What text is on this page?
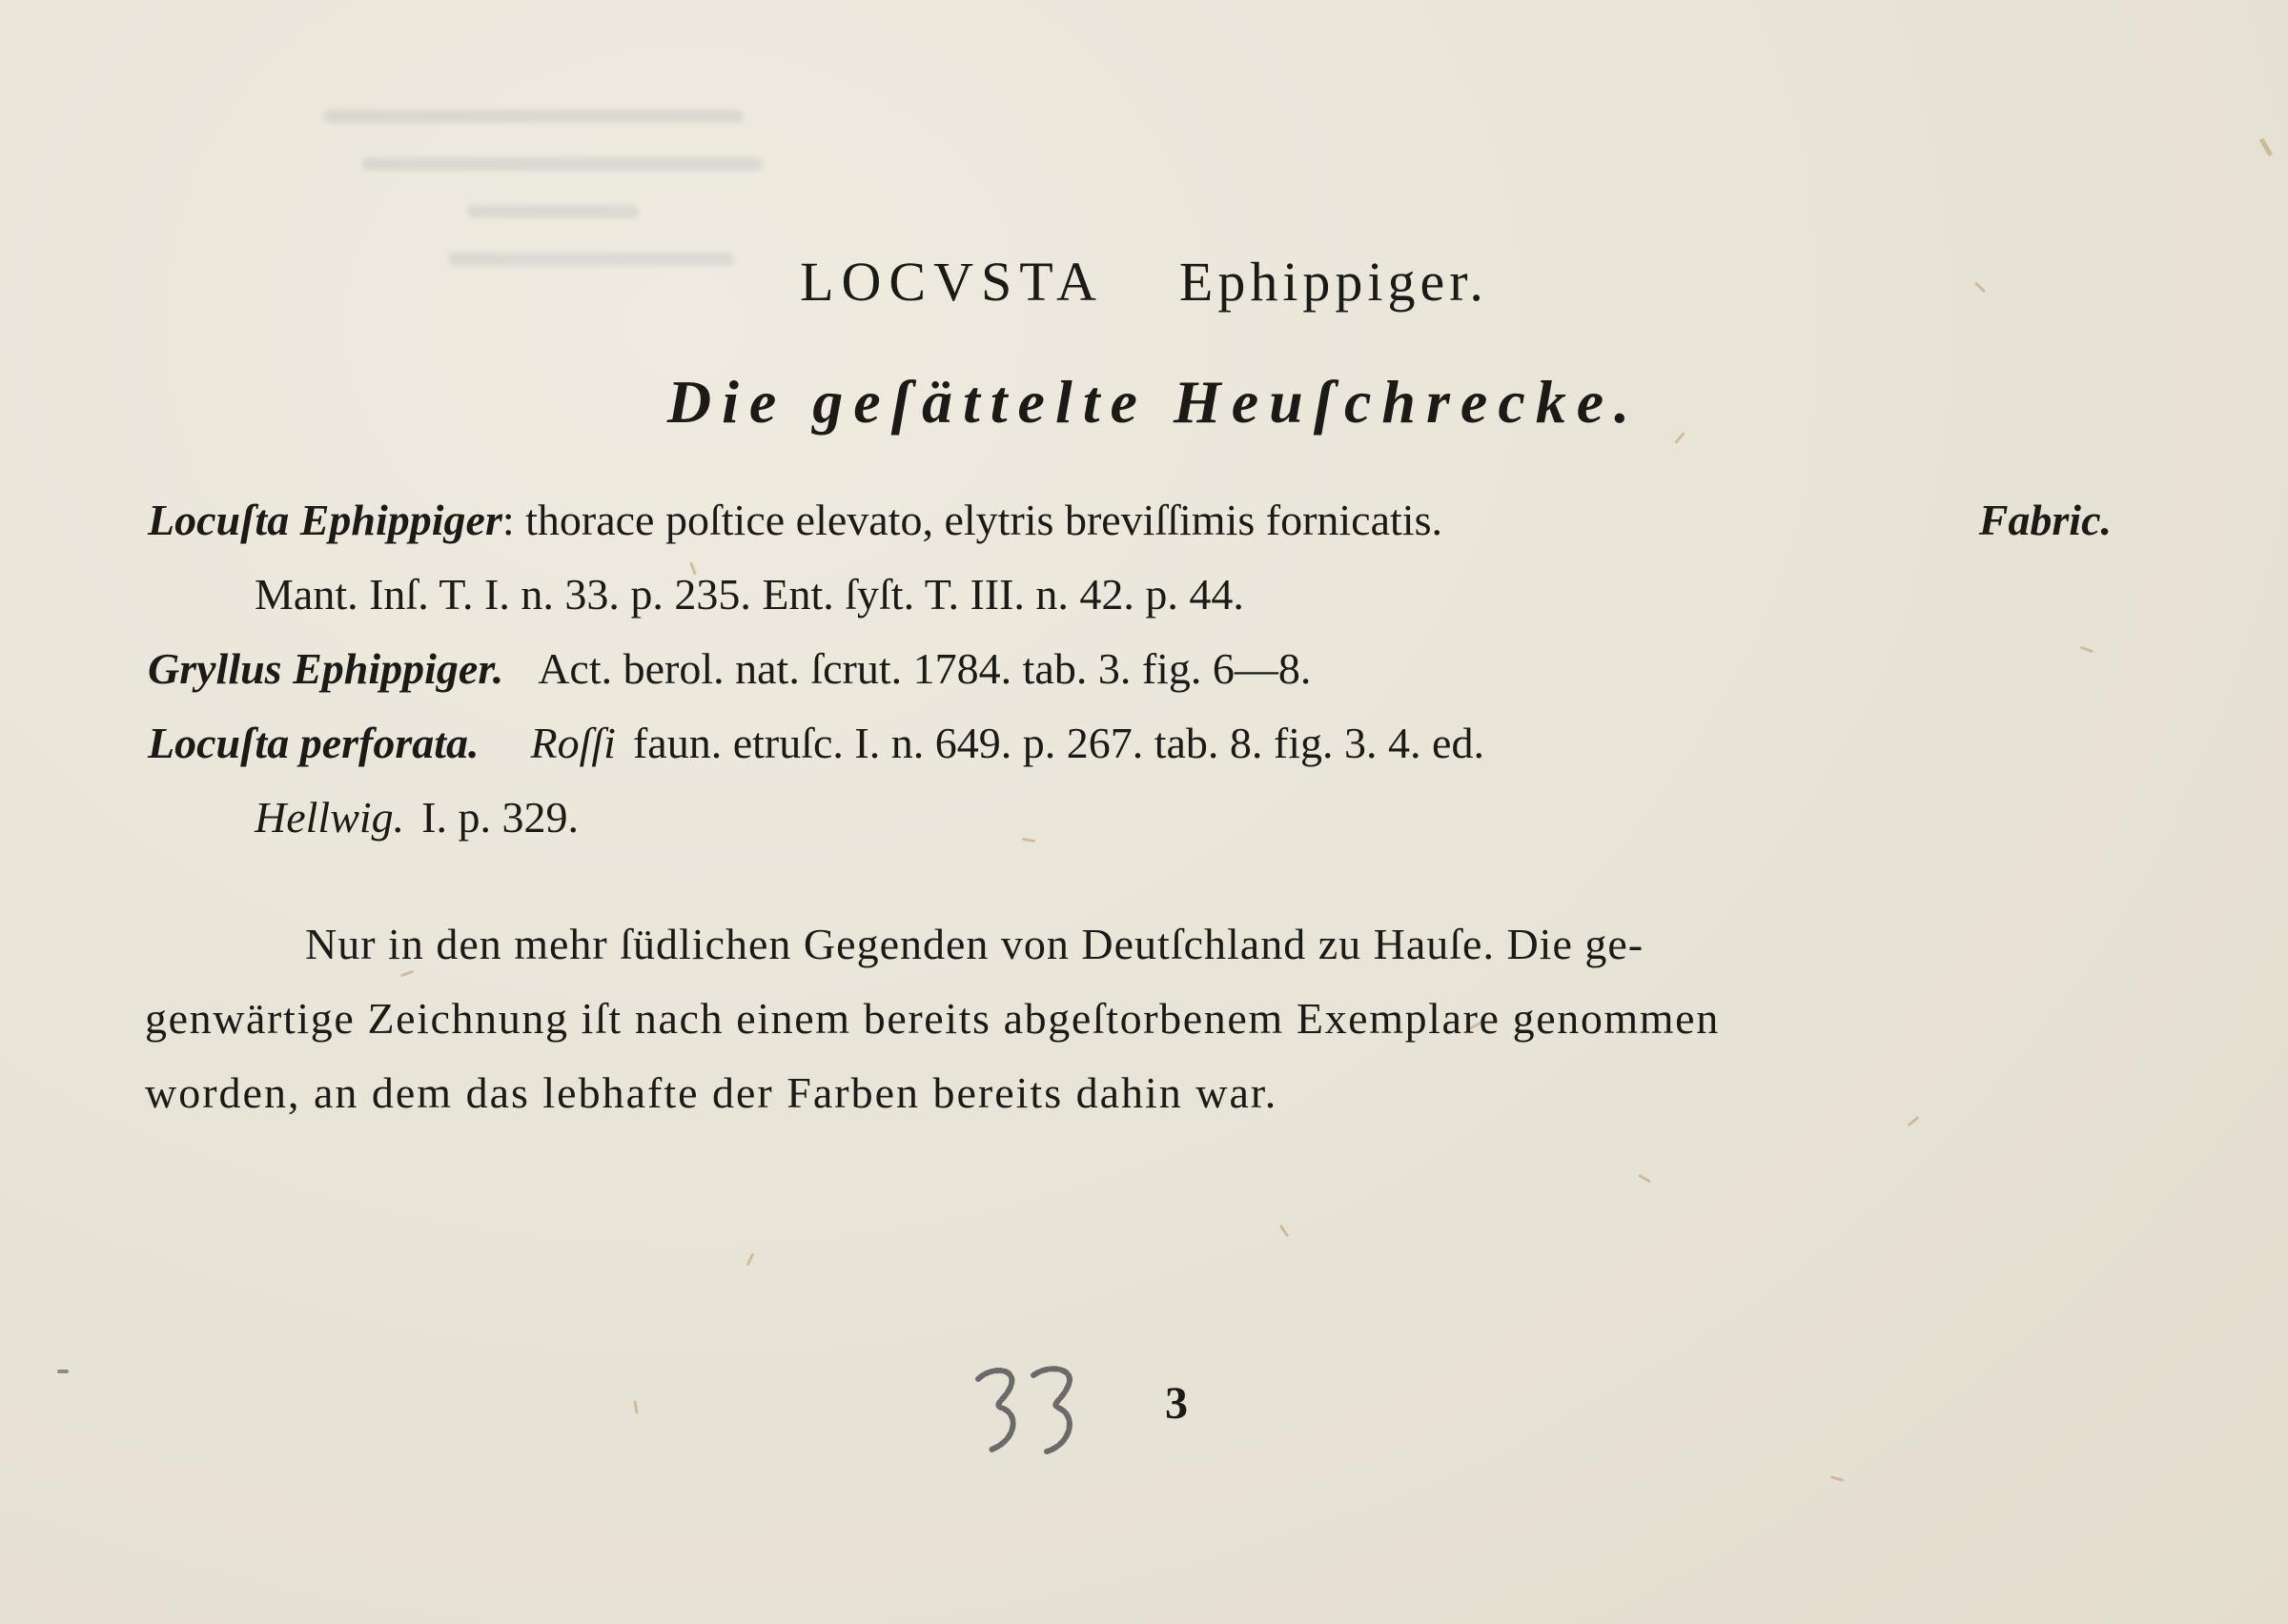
LOCVSTA Ephippiger.
Die geſättelte Heuſchrecke.
Locuſta Ephippiger: thorace poſtice elevato, elytris breviſſimis fornicatis.	Fabric.
Mant. Inſ. T. I. n. 33. p. 235. Ent. ſyſt. T. III. n. 42. p. 44.
Gryllus Ephippiger. Act. berol. nat. ſcrut. 1784. tab. 3. fig. 6—8.
Locuſta perforata. Roſſi faun. etruſc. I. n. 649. p. 267. tab. 8. fig. 3. 4. ed.
Hellwig. I. p. 329.
Nur in den mehr ſüdlichen Gegenden von Deutſchland zu Hauſe. Die ge-
genwärtige Zeichnung iſt nach einem bereits abgeſtorbenem Exemplare genommen
worden, an dem das lebhafte der Farben bereits dahin war.
3
